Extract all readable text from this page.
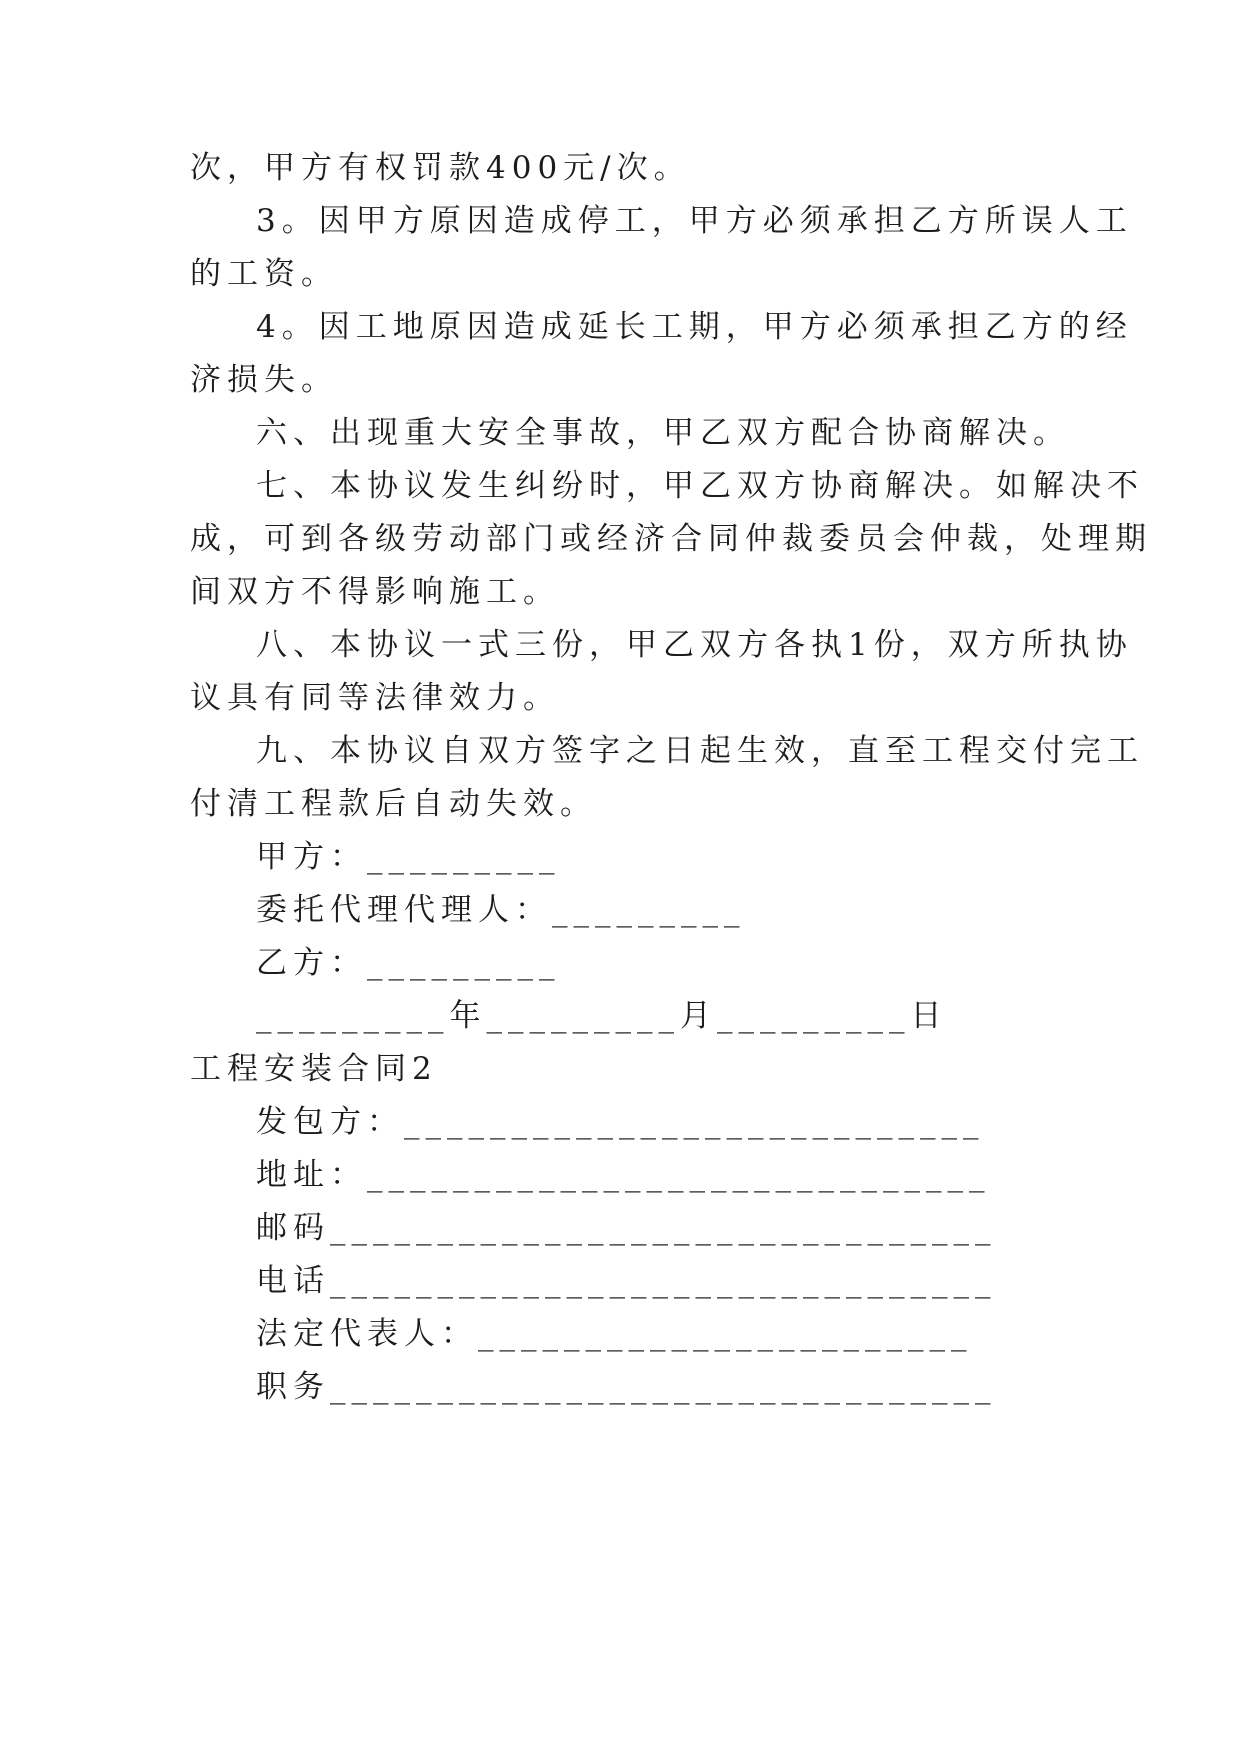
次，甲方有权罚款400元/次。
3。因甲方原因造成停工，甲方必须承担乙方所误人工
的工资。
4。因工地原因造成延长工期，甲方必须承担乙方的经
济损失。
六、出现重大安全事故，甲乙双方配合协商解决。
七、本协议发生纠纷时，甲乙双方协商解决。如解决不
成，可到各级劳动部门或经济合同仲裁委员会仲裁，处理期
间双方不得影响施工。
八、本协议一式三份，甲乙双方各执1份，双方所执协
议具有同等法律效力。
九、本协议自双方签字之日起生效，直至工程交付完工
付清工程款后自动失效。
甲方：_________
委托代理代理人：_________
乙方：_________
_________年_________月_________日
工程安装合同2
发包方：___________________________
地址：_____________________________
邮码_______________________________
电话_______________________________
法定代表人：_______________________
职务_______________________________
